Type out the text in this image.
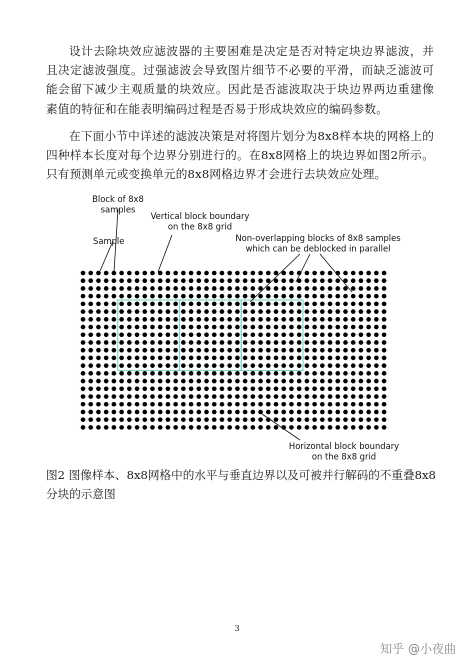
设计去除块效应滤波器的主要困难是决定是否对特定块边界滤波，并且决定滤波强度。过强滤波会导致图片细节不必要的平滑，而缺乏滤波可能会留下减少主观质量的块效应。因此是否滤波取决于块边界两边重建像素值的特征和在能表明编码过程是否易于形成块效应的编码参数。

在下面小节中详述的滤波决策是对将图片划分为8x8样本块的网格上的四种样本长度对每个边界分别进行的。在8x8网格上的块边界如图2所示。只有预测单元或变换单元的8x8网格边界才会进行去块效应处理。

Block of 8x8 samples
Vertical block boundary on the 8x8 grid
Sample	Non-overlapping blocks of 8x8 samples which can be deblocked in parallel
Horizontal block boundary on the 8x8 grid

图2 图像样本、8x8网格中的水平与垂直边界以及可被并行解码的不重叠8x8分块的示意图

3
知乎 @小夜曲
